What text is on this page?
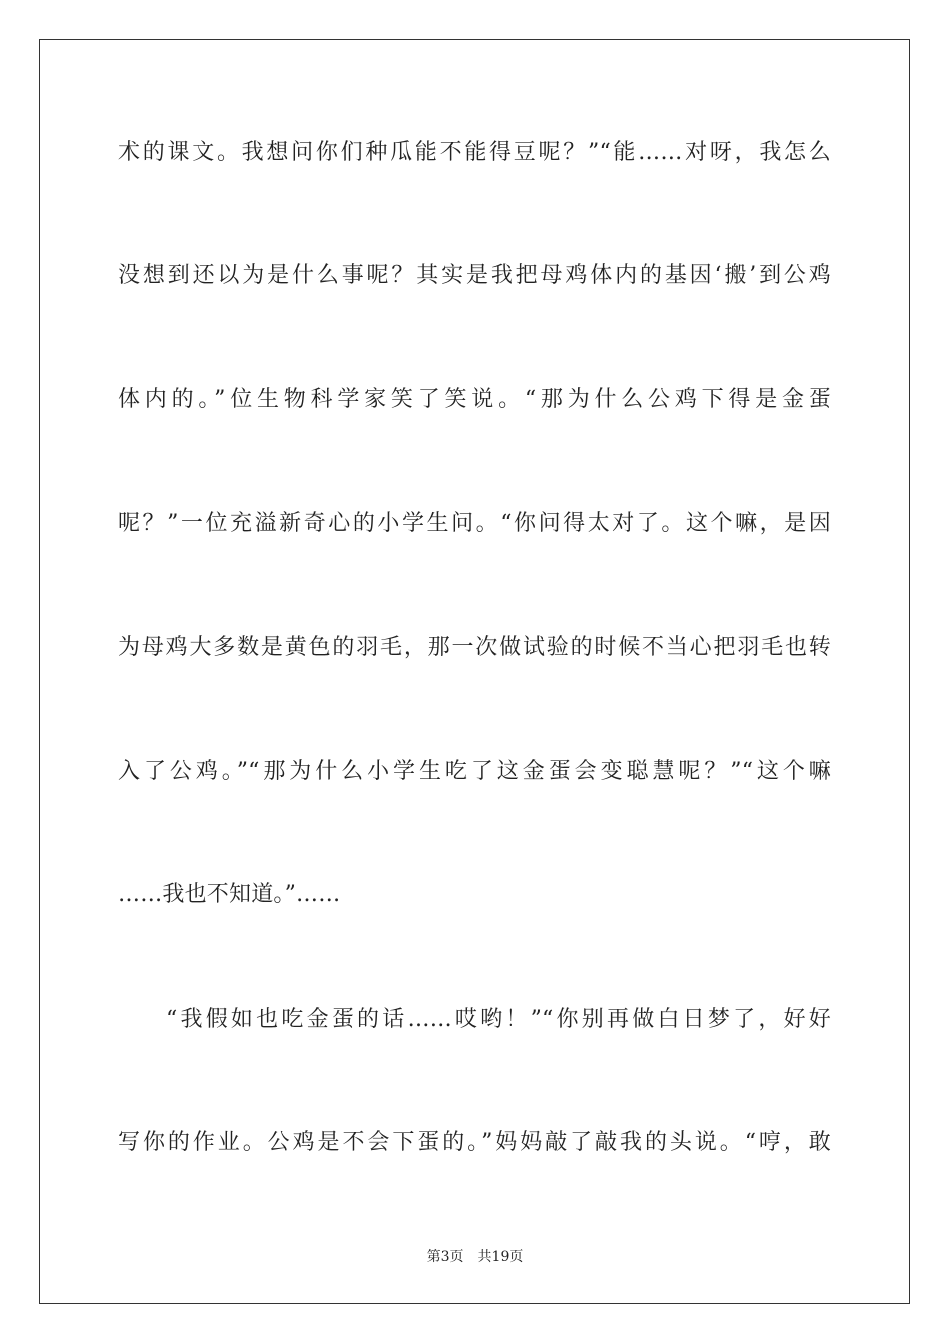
术的课文。我想问你们种瓜能不能得豆呢？”“能……对呀，我怎么
没想到还以为是什么事呢？其实是我把母鸡体内的基因‘搬’到公鸡
体内的。”位生物科学家笑了笑说。“那为什么公鸡下得是金蛋
呢？”一位充溢新奇心的小学生问。“你问得太对了。这个嘛，是因
为母鸡大多数是黄色的羽毛，那一次做试验的时候不当心把羽毛也转
入了公鸡。”“那为什么小学生吃了这金蛋会变聪慧呢？”“这个嘛
……我也不知道。”……
“我假如也吃金蛋的话……哎哟！”“你别再做白日梦了，好好
写你的作业。公鸡是不会下蛋的。”妈妈敲了敲我的头说。“哼，敢
第3页 共19页
